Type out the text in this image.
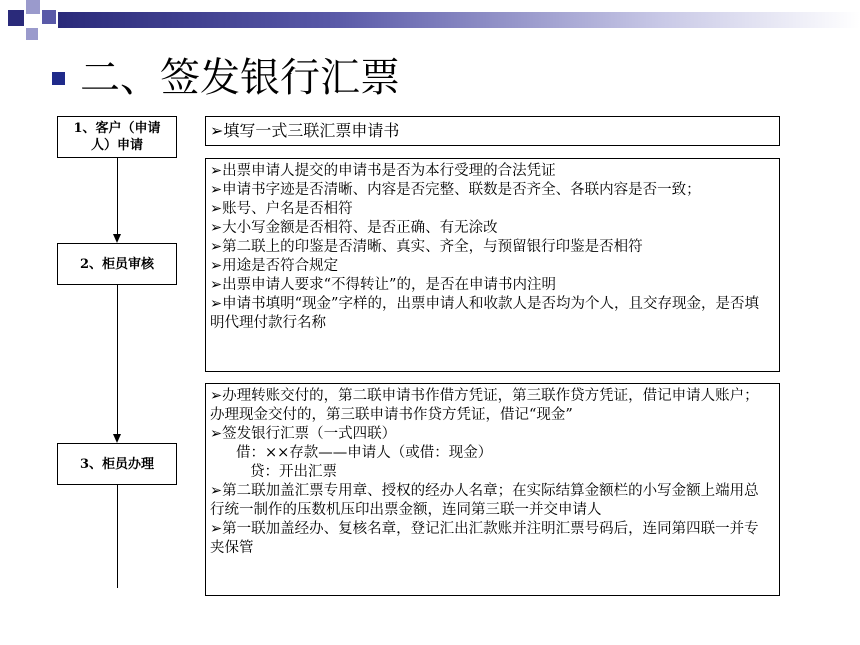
二、签发银行汇票
1、客户（申请人）申请
2、柜员审核
3、柜员办理
➢填写一式三联汇票申请书
➢出票申请人提交的申请书是否为本行受理的合法凭证
➢申请书字迹是否清晰、内容是否完整、联数是否齐全、各联内容是否一致；
➢账号、户名是否相符
➢大小写金额是否相符、是否正确、有无涂改
➢第二联上的印鉴是否清晰、真实、齐全，与预留银行印鉴是否相符
➢用途是否符合规定
➢出票申请人要求“不得转让”的，是否在申请书内注明
➢申请书填明“现金”字样的，出票申请人和收款人是否均为个人，且交存现金，是否填明代理付款行名称
➢办理转账交付的，第二联申请书作借方凭证，第三联作贷方凭证，借记申请人账户；办理现金交付的，第三联申请书作贷方凭证，借记“现金”
➢签发银行汇票（一式四联）
借：××存款——申请人（或借：现金）
贷：开出汇票
➢第二联加盖汇票专用章、授权的经办人名章；在实际结算金额栏的小写金额上端用总行统一制作的压数机压印出票金额，连同第三联一并交申请人
➢第一联加盖经办、复核名章，登记汇出汇款账并注明汇票号码后，连同第四联一并专夹保管
